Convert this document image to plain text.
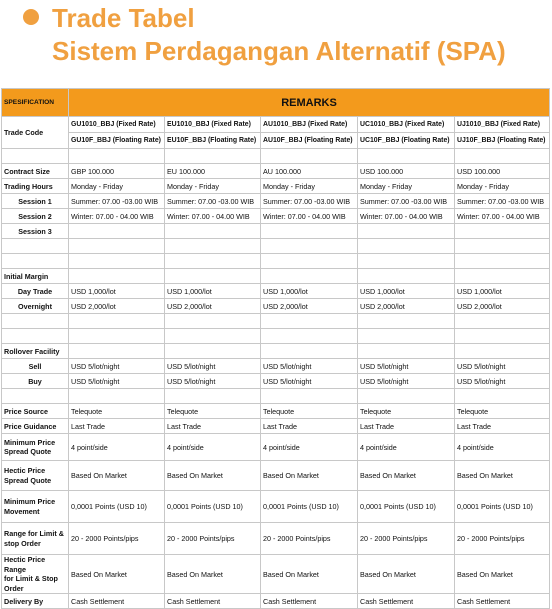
Trade Tabel
Sistem Perdagangan Alternatif (SPA)
SPESIFICATION	REMARKS				
Trade Code	GU1010_BBJ (Fixed Rate)	EU1010_BBJ (Fixed Rate)	AU1010_BBJ (Fixed Rate)	UC1010_BBJ (Fixed Rate)	UJ1010_BBJ (Fixed Rate)
	GU10F_BBJ (Floating Rate)	EU10F_BBJ (Floating Rate)	AU10F_BBJ (Floating Rate)	UC10F_BBJ (Floating Rate)	UJ10F_BBJ (Floating Rate)

Contract Size	GBP 100.000	EU 100.000	AU 100.000	USD 100.000	USD 100.000
Trading Hours	Monday - Friday	Monday - Friday	Monday - Friday	Monday - Friday	Monday - Friday
Session 1	Summer: 07.00 -03.00 WIB	Summer: 07.00 -03.00 WIB	Summer: 07.00 -03.00 WIB	Summer: 07.00 -03.00 WIB	Summer: 07.00 -03.00 WIB
Session 2	Winter: 07.00 - 04.00 WIB	Winter: 07.00 - 04.00 WIB	Winter: 07.00 - 04.00 WIB	Winter: 07.00 - 04.00 WIB	Winter: 07.00 - 04.00 WIB
Session 3					

Initial Margin					
Day Trade	USD 1,000/lot	USD 1,000/lot	USD 1,000/lot	USD 1,000/lot	USD 1,000/lot
Overnight	USD 2,000/lot	USD 2,000/lot	USD 2,000/lot	USD 2,000/lot	USD 2,000/lot

Rollover Facility					
Sell	USD 5/lot/night	USD 5/lot/night	USD 5/lot/night	USD 5/lot/night	USD 5/lot/night
Buy	USD 5/lot/night	USD 5/lot/night	USD 5/lot/night	USD 5/lot/night	USD 5/lot/night

Price Source	Telequote	Telequote	Telequote	Telequote	Telequote
Price Guidance	Last Trade	Last Trade	Last Trade	Last Trade	Last Trade
Minimum Price
Spread Quote	4 point/side	4 point/side	4 point/side	4 point/side	4 point/side
Hectic Price
Spread Quote	Based On Market	Based On Market	Based On Market	Based On Market	Based On Market
Minimum Price
Movement	0,0001 Points (USD 10)	0,0001 Points (USD 10)	0,0001 Points (USD 10)	0,0001 Points (USD 10)	0,0001 Points (USD 10)
Range for Limit &
stop Order	20 - 2000 Points/pips	20 - 2000 Points/pips	20 - 2000 Points/pips	20 - 2000 Points/pips	20 - 2000 Points/pips
Hectic Price Range
for Limit & Stop
Order	Based On Market	Based On Market	Based On Market	Based On Market	Based On Market
Delivery By	Cash Settlement	Cash Settlement	Cash Settlement	Cash Settlement	Cash Settlement
